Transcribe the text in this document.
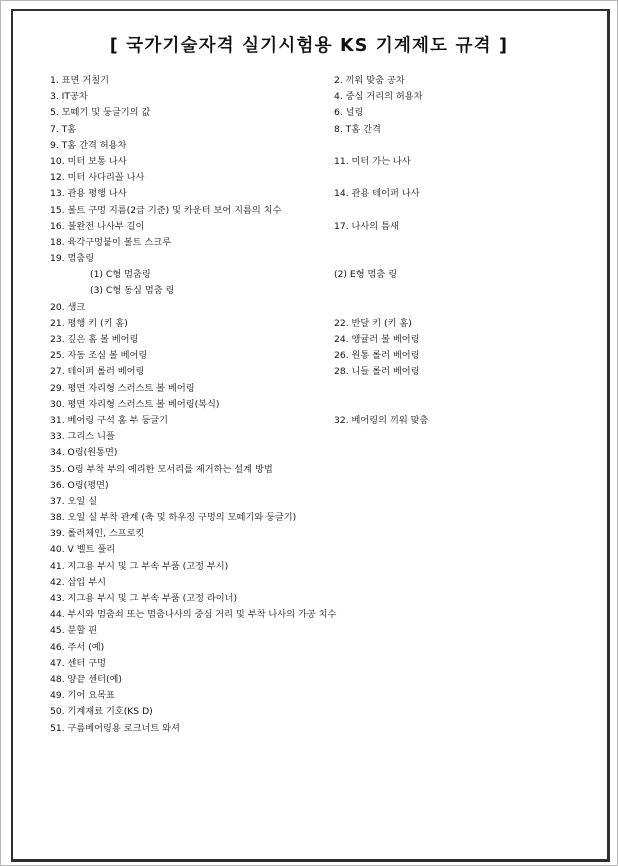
[ 국가기술자격 실기시험용 KS 기계제도 규격 ]
1. 표면 거칠기	2. 끼워 맞춤 공차
3. IT공차	4. 중심 거리의 허용차
5. 모떼기 및 둥글기의 값	6. 널링
7. T홈	8. T홈 간격
9. T홈 간격 허용차
10. 미터 보통 나사	11. 미터 가는 나사
12. 미터 사다리꼴 나사
13. 관용 평행 나사	14. 관용 테이퍼 나사
15. 볼트 구멍 지름(2급 기준) 및 카운터 보어 지름의 치수
16. 불완전 나사부 길이	17. 나사의 틈새
18. 육각구멍붙이 볼트 스크루
19. 멈춤링
(1) C형 멈춤링	(2) E형 멈춤 링
(3) C형 동심 멈춤 링
20. 생크
21. 평행 키 (키 홈)	22. 반달 키 (키 홈)
23. 깊은 홈 볼 베어링	24. 앵귤러 볼 베어링
25. 자동 조심 볼 베어링	26. 원통 롤러 베어링
27. 테이퍼 롤러 베어링	28. 니들 롤러 베어링
29. 평면 자리형 스러스트 볼 베어링
30. 평면 자리형 스러스트 볼 베어링(복식)
31. 베어링 구석 홈 부 둥글기	32. 베어링의 끼워 맞춤
33. 그리스 니플
34. O링(원통면)
35. O링 부착 부의 예리한 모서리를 제거하는 설계 방법
36. O링(평면)
37. 오일 실
38. 오일 실 부착 관계 (축 및 하우징 구멍의 모떼기와 둥글기)
39. 롤러체인, 스프로킷
40. V 벨트 풀리
41. 지그용 부시 및 그 부속 부품 (고정 부시)
42. 삽입 부시
43. 지그용 부시 및 그 부속 부품 (고정 라이너)
44. 부시와 멈춤쇠 또는 멈춤나사의 중심 거리 및 부착 나사의 가공 치수
45. 분할 핀
46. 주서 (예)
47. 센터 구멍
48. 양끝 센터(예)
49. 기어 요목표
50. 기계재료 기호(KS D)
51. 구름베어링용 로크너트 와셔
